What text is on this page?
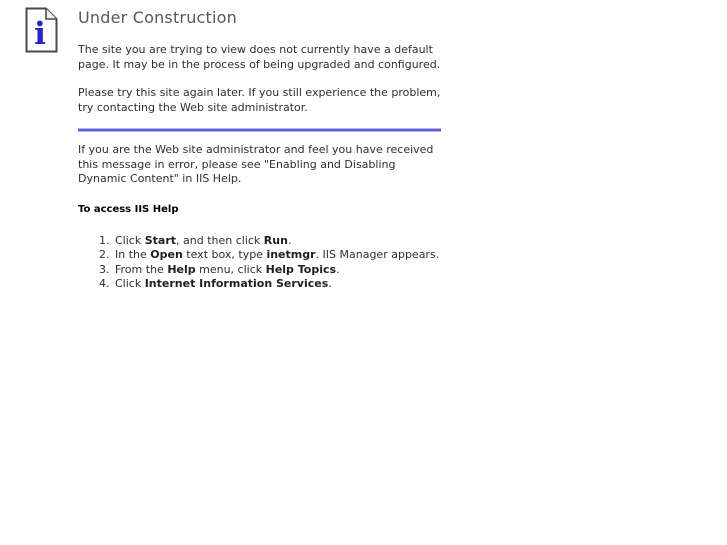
i Under Construction

The site you are trying to view does not currently have a default page. It may be in the process of being upgraded and configured.

Please try this site again later. If you still experience the problem, try contacting the Web site administrator.

If you are the Web site administrator and feel you have received this message in error, please see "Enabling and Disabling Dynamic Content" in IIS Help.

To access IIS Help
1. Click Start, and then click Run.
2. In the Open text box, type inetmgr. IIS Manager appears.
3. From the Help menu, click Help Topics.
4. Click Internet Information Services.
